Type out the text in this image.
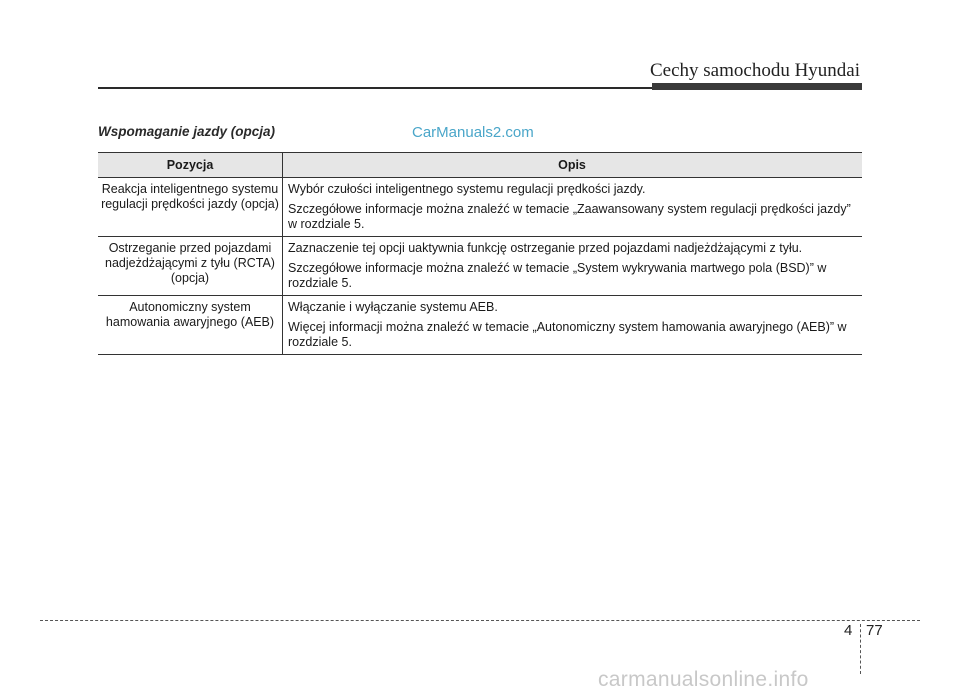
Cechy samochodu Hyundai
Wspomaganie jazdy (opcja)	CarManuals2.com
Pozycja	Opis
Reakcja inteligentnego systemu regulacji prędkości jazdy (opcja)	Wybór czułości inteligentnego systemu regulacji prędkości jazdy.
Szczegółowe informacje można znaleźć w temacie „Zaawansowany system regulacji prędkości jazdy” w rozdziale 5.

Ostrzeganie przed pojazdami nadjeżdżającymi z tyłu (RCTA) (opcja)	Zaznaczenie tej opcji uaktywnia funkcję ostrzeganie przed pojazdami nadjeżdżającymi z tyłu.
Szczegółowe informacje można znaleźć w temacie „System wykrywania martwego pola (BSD)” w rozdziale 5.

Autonomiczny system hamowania awaryjnego (AEB)	Włączanie i wyłączanie systemu AEB.
Więcej informacji można znaleźć w temacie „Autonomiczny system hamowania awaryjnego (AEB)” w rozdziale 5.
4 77
carmanualsonline.info
